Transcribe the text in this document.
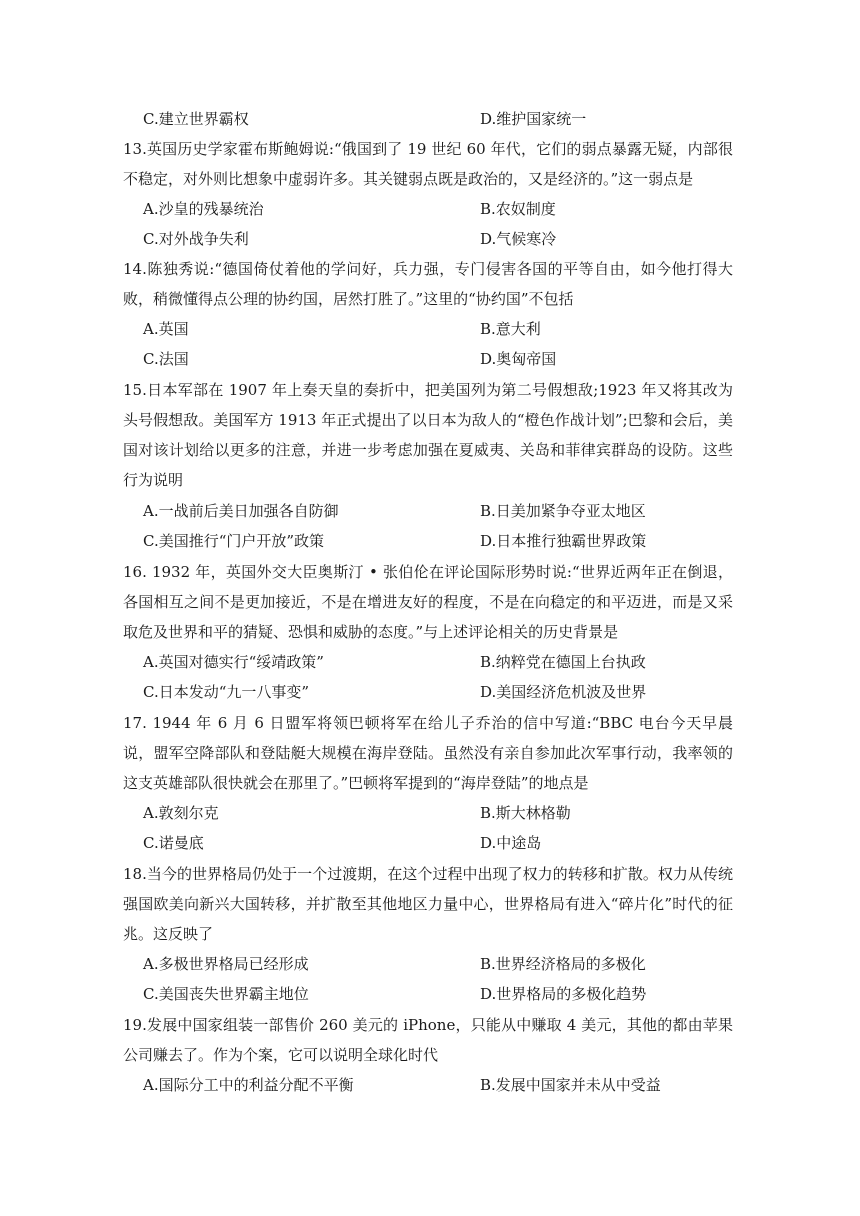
C.建立世界霸权	D.维护国家统一
13.英国历史学家霍布斯鲍姆说:“俄国到了 19 世纪 60 年代，它们的弱点暴露无疑，内部很不稳定，对外则比想象中虚弱许多。其关键弱点既是政治的，又是经济的。”这一弱点是
A.沙皇的残暴统治	B.农奴制度
C.对外战争失利	D.气候寒冷
14.陈独秀说:“德国倚仗着他的学问好，兵力强，专门侵害各国的平等自由，如今他打得大败，稍微懂得点公理的协约国，居然打胜了。”这里的“协约国”不包括
A.英国	B.意大利
C.法国	D.奥匈帝国
15.日本军部在 1907 年上奏天皇的奏折中，把美国列为第二号假想敌;1923 年又将其改为头号假想敌。美国军方 1913 年正式提出了以日本为敌人的“橙色作战计划”;巴黎和会后，美国对该计划给以更多的注意，并进一步考虑加强在夏威夷、关岛和菲律宾群岛的设防。这些行为说明
A.一战前后美日加强各自防御	B.日美加紧争夺亚太地区
C.美国推行“门户开放”政策	D.日本推行独霸世界政策
16. 1932 年，英国外交大臣奥斯汀 • 张伯伦在评论国际形势时说:“世界近两年正在倒退，各国相互之间不是更加接近，不是在增进友好的程度，不是在向稳定的和平迈进，而是又采取危及世界和平的猜疑、恐惧和威胁的态度。”与上述评论相关的历史背景是
A.英国对德实行“绥靖政策”	B.纳粹党在德国上台执政
C.日本发动“九一八事变”	D.美国经济危机波及世界
17. 1944 年 6 月 6 日盟军将领巴顿将军在给儿子乔治的信中写道:“BBC 电台今天早晨说，盟军空降部队和登陆艇大规模在海岸登陆。虽然没有亲自参加此次军事行动，我率领的这支英雄部队很快就会在那里了。”巴顿将军提到的“海岸登陆”的地点是
A.敦刻尔克	B.斯大林格勒
C.诺曼底	D.中途岛
18.当今的世界格局仍处于一个过渡期，在这个过程中出现了权力的转移和扩散。权力从传统强国欧美向新兴大国转移，并扩散至其他地区力量中心，世界格局有进入“碎片化”时代的征兆。这反映了
A.多极世界格局已经形成	B.世界经济格局的多极化
C.美国丧失世界霸主地位	D.世界格局的多极化趋势
19.发展中国家组装一部售价 260 美元的 iPhone，只能从中赚取 4 美元，其他的都由苹果公司赚去了。作为个案，它可以说明全球化时代
A.国际分工中的利益分配不平衡	B.发展中国家并未从中受益
